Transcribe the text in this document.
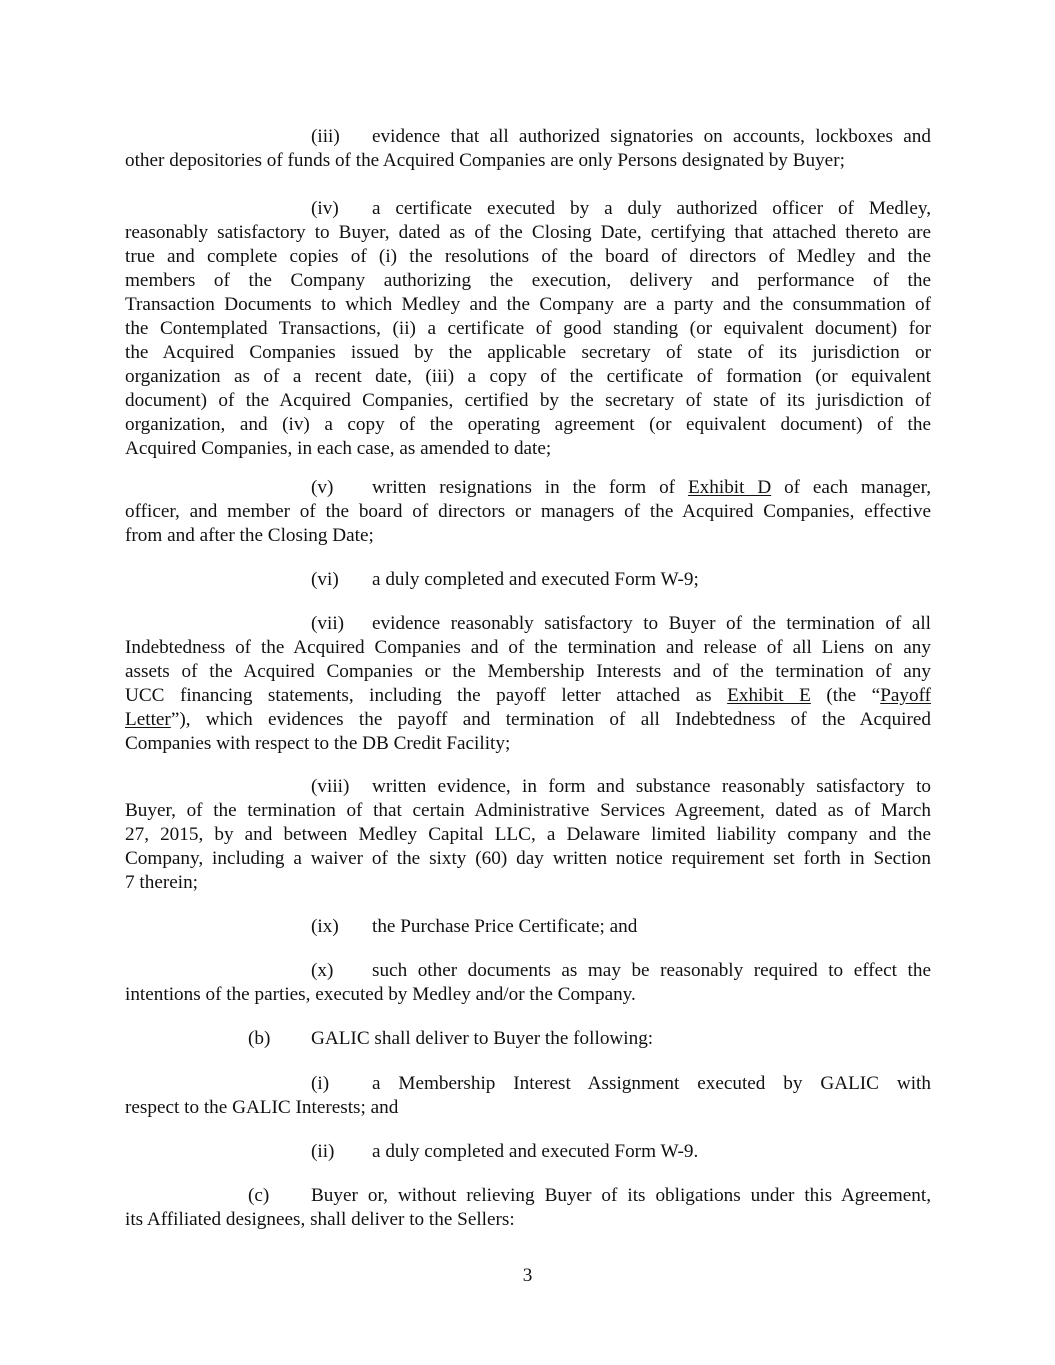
(iii) evidence that all authorized signatories on accounts, lockboxes and
other depositories of funds of the Acquired Companies are only Persons designated by Buyer;
(iv) a certificate executed by a duly authorized officer of Medley,
reasonably satisfactory to Buyer, dated as of the Closing Date, certifying that attached thereto are
true and complete copies of (i) the resolutions of the board of directors of Medley and the
members of the Company authorizing the execution, delivery and performance of the
Transaction Documents to which Medley and the Company are a party and the consummation of
the Contemplated Transactions, (ii) a certificate of good standing (or equivalent document) for
the Acquired Companies issued by the applicable secretary of state of its jurisdiction or
organization as of a recent date, (iii) a copy of the certificate of formation (or equivalent
document) of the Acquired Companies, certified by the secretary of state of its jurisdiction of
organization, and (iv) a copy of the operating agreement (or equivalent document) of the
Acquired Companies, in each case, as amended to date;
(v) written resignations in the form of Exhibit D of each manager,
officer, and member of the board of directors or managers of the Acquired Companies, effective
from and after the Closing Date;
(vi) a duly completed and executed Form W-9;
(vii) evidence reasonably satisfactory to Buyer of the termination of all
Indebtedness of the Acquired Companies and of the termination and release of all Liens on any
assets of the Acquired Companies or the Membership Interests and of the termination of any
UCC financing statements, including the payoff letter attached as Exhibit E (the “Payoff
Letter”), which evidences the payoff and termination of all Indebtedness of the Acquired
Companies with respect to the DB Credit Facility;
(viii) written evidence, in form and substance reasonably satisfactory to
Buyer, of the termination of that certain Administrative Services Agreement, dated as of March
27, 2015, by and between Medley Capital LLC, a Delaware limited liability company and the
Company, including a waiver of the sixty (60) day written notice requirement set forth in Section
7 therein;
(ix) the Purchase Price Certificate; and
(x) such other documents as may be reasonably required to effect the
intentions of the parties, executed by Medley and/or the Company.
(b) GALIC shall deliver to Buyer the following:
(i) a Membership Interest Assignment executed by GALIC with
respect to the GALIC Interests; and
(ii) a duly completed and executed Form W-9.
(c) Buyer or, without relieving Buyer of its obligations under this Agreement,
its Affiliated designees, shall deliver to the Sellers:
3
